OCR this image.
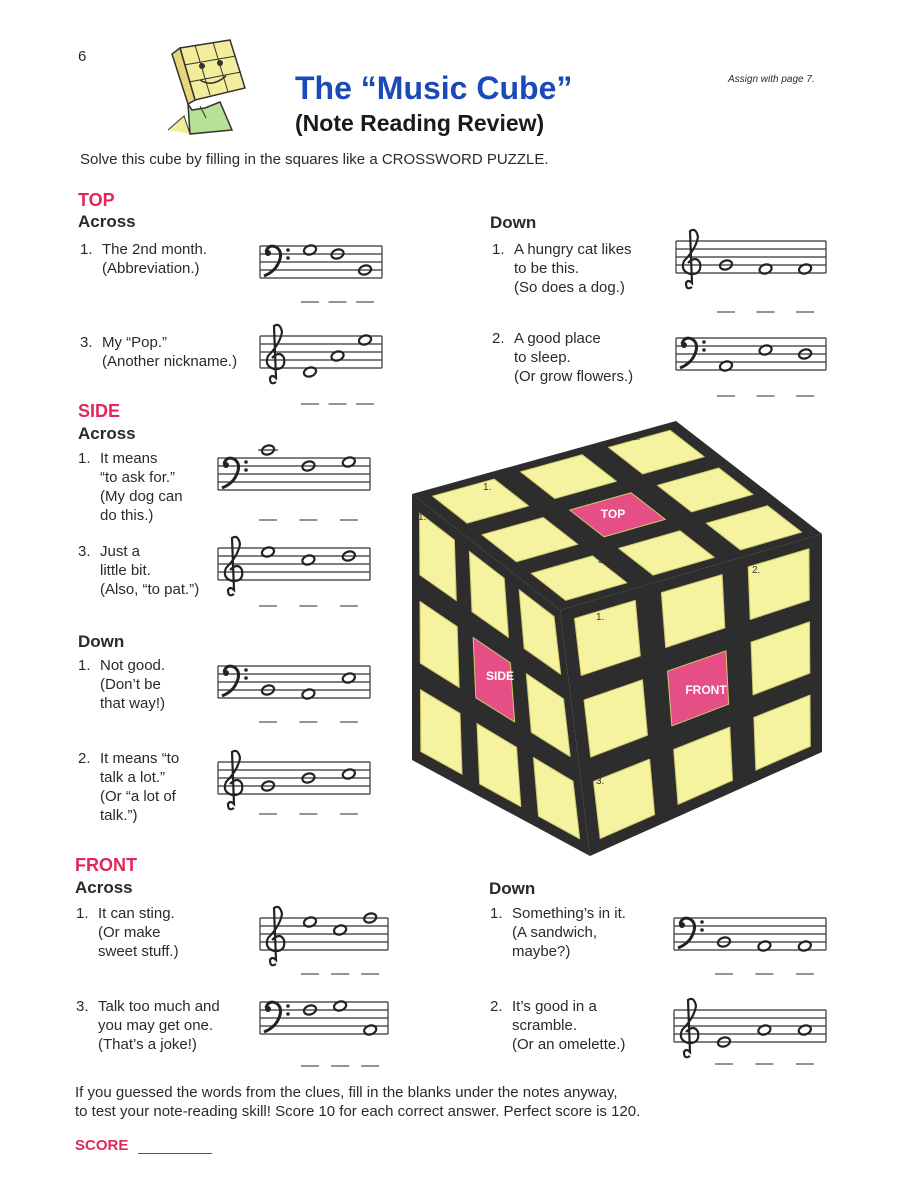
6
The “Music Cube”
(Note Reading Review)
Assign with page 7.
Solve this cube by filling in the squares like a CROSSWORD PUZZLE.
TOP
Across	Down
1. The 2nd month.
(Abbreviation.)
3. My “Pop.”
(Another nickname.)
1. A hungry cat likes
to be this.
(So does a dog.)
2. A good place
to sleep.
(Or grow flowers.)
SIDE
Across
1. It means
“to ask for.”
(My dog can
do this.)
3. Just a
little bit.
(Also, “to pat.”)
Down
1. Not good.
(Don’t be
that way!)
2. It means “to
talk a lot.”
(Or “a lot of
talk.”)
FRONT
Across	Down
1. It can sting.
(Or make
sweet stuff.)
3. Talk too much and
you may get one.
(That’s a joke!)
1. Something’s in it.
(A sandwich,
maybe?)
2. It’s good in a
scramble.
(Or an omelette.)
TOP
SIDE
FRONT
1.
2.
3.
1.
2.
3.
1.
2.
3.
If you guessed the words from the clues, fill in the blanks under the notes anyway,
to test your note-reading skill! Score 10 for each correct answer. Perfect score is 120.
SCORE
